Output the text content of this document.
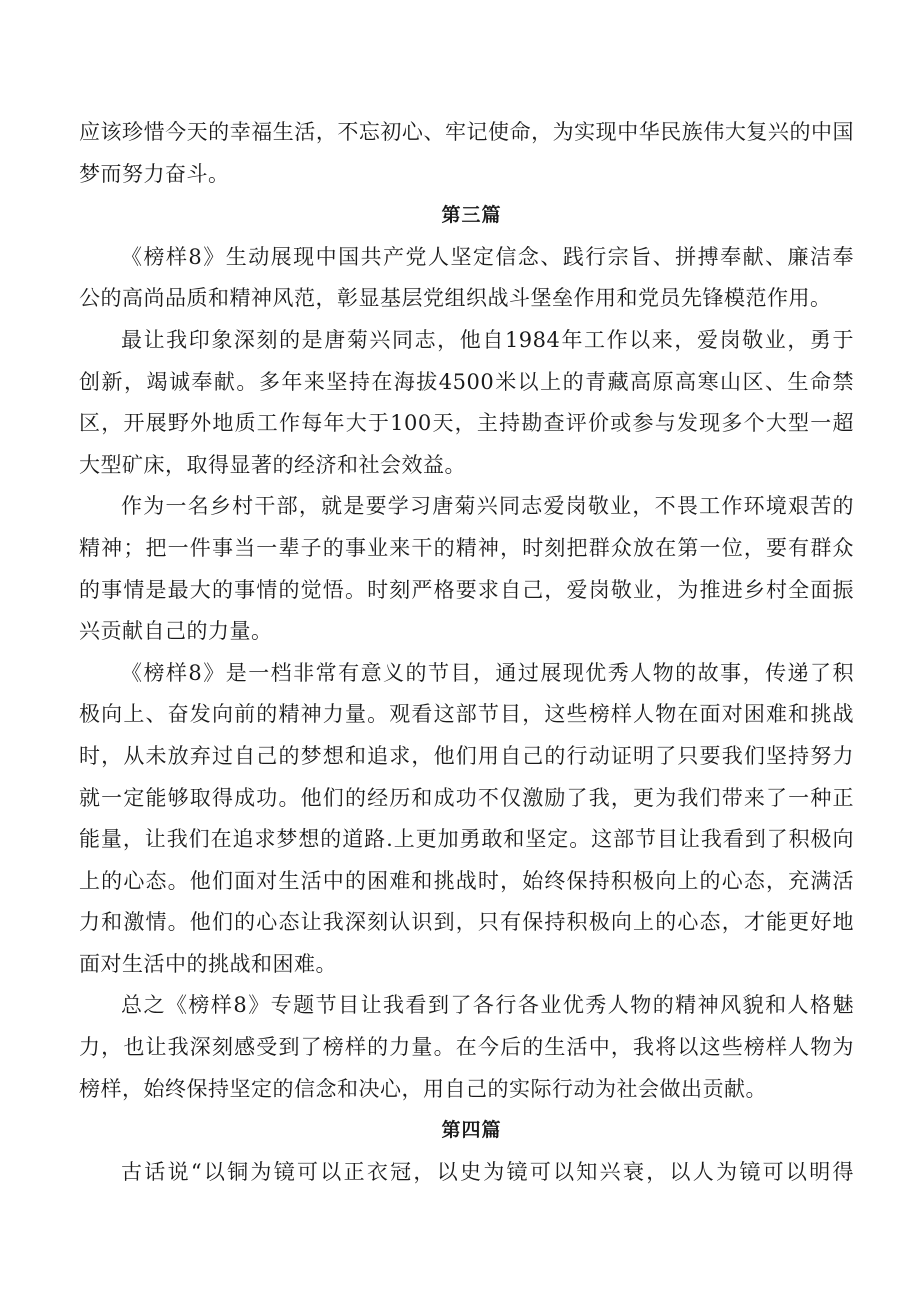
应该珍惜今天的幸福生活，不忘初心、牢记使命，为实现中华民族伟大复兴的中国
梦而努力奋斗。
第三篇
《榜样8》生动展现中国共产党人坚定信念、践行宗旨、拼搏奉献、廉洁奉
公的高尚品质和精神风范，彰显基层党组织战斗堡垒作用和党员先锋模范作用。
最让我印象深刻的是唐菊兴同志，他自1984年工作以来，爱岗敬业，勇于
创新，竭诚奉献。多年来坚持在海拔4500米以上的青藏高原高寒山区、生命禁
区，开展野外地质工作每年大于100天，主持勘查评价或参与发现多个大型一超
大型矿床，取得显著的经济和社会效益。
作为一名乡村干部，就是要学习唐菊兴同志爱岗敬业，不畏工作环境艰苦的
精神；把一件事当一辈子的事业来干的精神，时刻把群众放在第一位，要有群众
的事情是最大的事情的觉悟。时刻严格要求自己，爱岗敬业，为推进乡村全面振
兴贡献自己的力量。
《榜样8》是一档非常有意义的节目，通过展现优秀人物的故事，传递了积
极向上、奋发向前的精神力量。观看这部节目，这些榜样人物在面对困难和挑战
时，从未放弃过自己的梦想和追求，他们用自己的行动证明了只要我们坚持努力
就一定能够取得成功。他们的经历和成功不仅激励了我，更为我们带来了一种正
能量，让我们在追求梦想的道路.上更加勇敢和坚定。这部节目让我看到了积极向
上的心态。他们面对生活中的困难和挑战时，始终保持积极向上的心态，充满活
力和激情。他们的心态让我深刻认识到，只有保持积极向上的心态，才能更好地
面对生活中的挑战和困难。
总之《榜样8》专题节目让我看到了各行各业优秀人物的精神风貌和人格魅
力，也让我深刻感受到了榜样的力量。在今后的生活中，我将以这些榜样人物为
榜样，始终保持坚定的信念和决心，用自己的实际行动为社会做出贡献。
第四篇
古话说“以铜为镜可以正衣冠，以史为镜可以知兴衰，以人为镜可以明得
